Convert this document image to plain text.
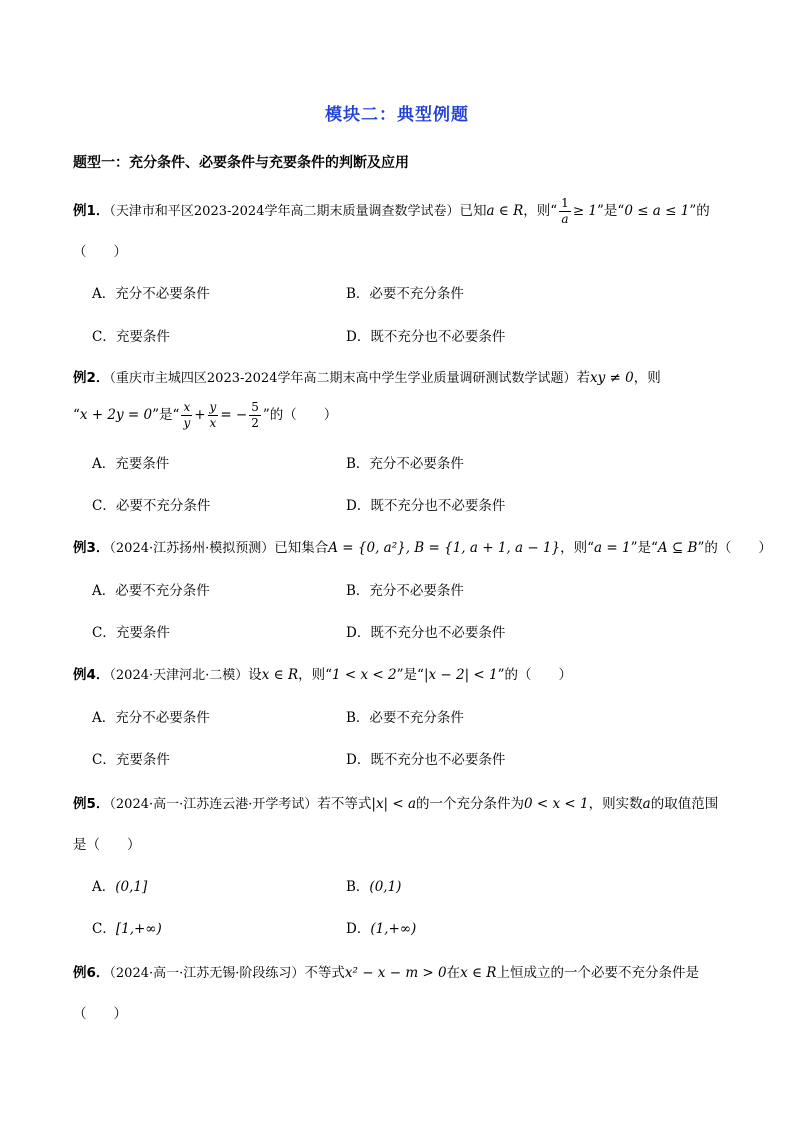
模块二：典型例题
题型一：充分条件、必要条件与充要条件的判断及应用
例1．（天津市和平区2023-2024学年高二期末质量调查数学试卷）已知a ∈ R，则“ $\frac{1}{a} \ge 1$”是“0 ≤ a ≤ 1”的
（　　）
A．充分不必要条件	B．必要不充分条件
C．充要条件	D．既不充分也不必要条件
例2．（重庆市主城四区2023-2024学年高二期末高中学生学业质量调研测试数学试题）若xy ≠ 0，则
“x + 2y = 0”是“ $\frac{x}{y} + \frac{y}{x}$ = − $\frac{5}{2}$ ”的（　　）
A．充要条件	B．充分不必要条件
C．必要不充分条件	D．既不充分也不必要条件
例3．（2024·江苏扬州·模拟预测）已知集合A = {0, a²}, B = {1, a + 1, a − 1}，则“a = 1”是“A ⊆ B”的（　　）
A．必要不充分条件	B．充分不必要条件
C．充要条件	D．既不充分也不必要条件
例4．（2024·天津河北·二模）设x ∈ R，则“1 < x < 2”是“|x − 2| < 1”的（　　）
A．充分不必要条件	B．必要不充分条件
C．充要条件	D．既不充分也不必要条件
例5．（2024·高一·江苏连云港·开学考试）若不等式|x| < a的一个充分条件为0 < x < 1，则实数a的取值范围
是（　　）
A．(0,1]	B．(0,1)
C．[1,+∞)	D．(1,+∞)
例6．（2024·高一·江苏无锡·阶段练习）不等式x² − x − m > 0在x ∈ R上恒成立的一个必要不充分条件是
（　　）
